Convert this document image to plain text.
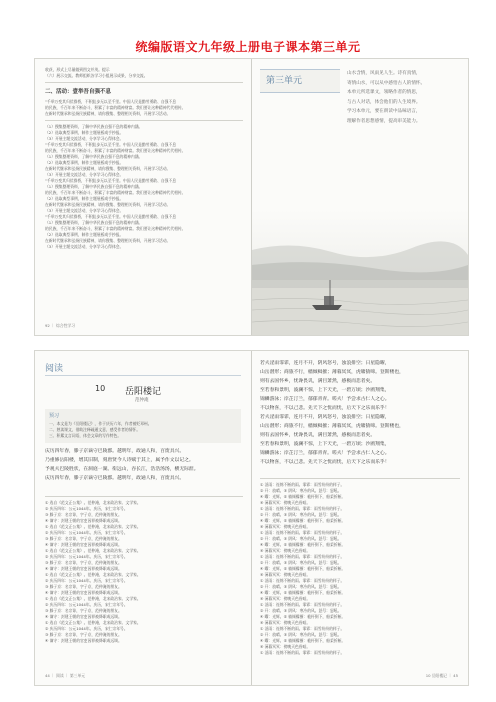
统编版语文九年级上册电子课本第三单元

收获，形式上尽量做到图文并茂。提示

（六）展示交流。教师组织各学习小组展示成果，分享交流。

二、活动：壹举吾自强不息

“千举万变其归伏群桥，不积跬步无以至千里。中国人民是勤劳勇敢、自强不息

的民族，千百年来不断奋斗，积累了丰富的精神财富。我们要让这种精神代代相传。

在新时代继承和弘扬民族精神，请你搜集、整理相关资料，开展学习活动。

（1）搜集整理资料，了解中华民族自强不息的精神内涵。

（2）选取典型事例，制作主题展板或手抄报。

（3）开展主题交流活动，分享学习心得体会。

“千举万变其归伏群桥，不积跬步无以至千里。中国人民是勤劳勇敢、自强不息

的民族，千百年来不断奋斗，积累了丰富的精神财富。我们要让这种精神代代相传。

（1）搜集整理资料，了解中华民族自强不息的精神内涵。

（2）选取典型事例，制作主题展板或手抄报。

在新时代继承和弘扬民族精神，请你搜集、整理相关资料，开展学习活动。

（3）开展主题交流活动，分享学习心得体会。

“千举万变其归伏群桥，不积跬步无以至千里。中国人民是勤劳勇敢、自强不息

（1）搜集整理资料，了解中华民族自强不息的精神内涵。

的民族，千百年来不断奋斗，积累了丰富的精神财富。我们要让这种精神代代相传。

（2）选取典型事例，制作主题展板或手抄报。

在新时代继承和弘扬民族精神，请你搜集、整理相关资料，开展学习活动。

（3）开展主题交流活动，分享学习心得体会。

“千举万变其归伏群桥，不积跬步无以至千里。中国人民是勤劳勇敢、自强不息

（1）搜集整理资料，了解中华民族自强不息的精神内涵。

的民族，千百年来不断奋斗，积累了丰富的精神财富。我们要让这种精神代代相传。

（2）选取典型事例，制作主题展板或手抄报。

在新时代继承和弘扬民族精神，请你搜集、整理相关资料，开展学习活动。

（3）开展主题交流活动，分享学习心得体会。

92 ｜ 综合性学习
第三单元

山水含情，风雨见人生。诗有真情，

寄情山水，可以从中感悟古人的情怀。

本单元所选课文，领略作者的情思，

与古人对话，体会他们的人生境界。

学习本单元，要在朗读中品味语言，

理解作者思想感情，提高审美能力。

阅读
10 岳阳楼记
范仲淹
预习

一、本文是为《岳阳楼记》，作于庆历六年，作者被贬邓州。

二、熟读课文，借助注释疏通文意，感受作者的情怀。

三、积累文言词语，体会文章的写作特色。

庆历四年春，滕子京谪守巴陵郡。越明年，政通人和，百废具兴。

乃重修岳阳楼，增其旧制，刻唐贤今人诗赋于其上，属予作文以记之。

予观夫巴陵胜状，在洞庭一湖。衔远山，吞长江，浩浩汤汤，横无际涯。

庆历四年春，滕子京谪守巴陵郡。越明年，政通人和，百废具兴。

① 选自《范文正公集》。范仲淹，北宋政治家、文学家。

② 庆历四年：公元1044年。庆历，宋仁宗年号。

③ 滕子京：名宗谅，字子京，范仲淹的朋友。

④ 谪守：封建王朝的官吏因罪被降职或远调。

① 选自《范文正公集》。范仲淹，北宋政治家、文学家。

② 庆历四年：公元1044年。庆历，宋仁宗年号。

③ 滕子京：名宗谅，字子京，范仲淹的朋友。

④ 谪守：封建王朝的官吏因罪被降职或远调。

① 选自《范文正公集》。范仲淹，北宋政治家、文学家。

② 庆历四年：公元1044年。庆历，宋仁宗年号。

③ 滕子京：名宗谅，字子京，范仲淹的朋友。

④ 谪守：封建王朝的官吏因罪被降职或远调。

① 选自《范文正公集》。范仲淹，北宋政治家、文学家。

② 庆历四年：公元1044年。庆历，宋仁宗年号。

③ 滕子京：名宗谅，字子京，范仲淹的朋友。

④ 谪守：封建王朝的官吏因罪被降职或远调。

① 选自《范文正公集》。范仲淹，北宋政治家、文学家。

② 庆历四年：公元1044年。庆历，宋仁宗年号。

③ 滕子京：名宗谅，字子京，范仲淹的朋友。

④ 谪守：封建王朝的官吏因罪被降职或远调。

① 选自《范文正公集》。范仲淹，北宋政治家、文学家。

② 庆历四年：公元1044年。庆历，宋仁宗年号。

③ 滕子京：名宗谅，字子京，范仲淹的朋友。

④ 谪守：封建王朝的官吏因罪被降职或远调。

44 ｜ 阅读 ｜ 第三单元

若夫淫雨霏霏，连月不开，阴风怒号，浊浪排空；日星隐曜，

山岳潜形；商旅不行，樯倾楫摧；薄暮冥冥，虎啸猿啼。登斯楼也，

则有去国怀乡，忧谗畏讥，满目萧然，感极而悲者矣。

至若春和景明，波澜不惊，上下天光，一碧万顷；沙鸥翔集，

锦鳞游泳；岸芷汀兰，郁郁青青。嗟夫！予尝求古仁人之心。

不以物喜，不以己悲。先天下之忧而忧，后天下之乐而乐乎！

若夫淫雨霏霏，连月不开，阴风怒号，浊浪排空；日星隐曜，

山岳潜形；商旅不行，樯倾楫摧；薄暮冥冥，虎啸猿啼。登斯楼也，

则有去国怀乡，忧谗畏讥，满目萧然，感极而悲者矣。

至若春和景明，波澜不惊，上下天光，一碧万顷；沙鸥翔集，

锦鳞游泳；岸芷汀兰，郁郁青青。嗟夫！予尝求古仁人之心。

不以物喜，不以己悲。先天下之忧而忧，后天下之乐而乐乎！

① 淫雨：连绵不断的雨。霏霏：雨雪纷纷的样子。

② 开：放晴。③ 阴风：寒冷的风。怒号：怒吼。

④ 曜：光辉。⑤ 樯倾楫摧：桅杆倒下，船桨折断。

⑥ 薄暮冥冥：傍晚天色昏暗。

① 淫雨：连绵不断的雨。霏霏：雨雪纷纷的样子。

② 开：放晴。③ 阴风：寒冷的风。怒号：怒吼。

④ 曜：光辉。⑤ 樯倾楫摧：桅杆倒下，船桨折断。

⑥ 薄暮冥冥：傍晚天色昏暗。

① 淫雨：连绵不断的雨。霏霏：雨雪纷纷的样子。

② 开：放晴。③ 阴风：寒冷的风。怒号：怒吼。

④ 曜：光辉。⑤ 樯倾楫摧：桅杆倒下，船桨折断。

⑥ 薄暮冥冥：傍晚天色昏暗。

① 淫雨：连绵不断的雨。霏霏：雨雪纷纷的样子。

② 开：放晴。③ 阴风：寒冷的风。怒号：怒吼。

④ 曜：光辉。⑤ 樯倾楫摧：桅杆倒下，船桨折断。

⑥ 薄暮冥冥：傍晚天色昏暗。

① 淫雨：连绵不断的雨。霏霏：雨雪纷纷的样子。

② 开：放晴。③ 阴风：寒冷的风。怒号：怒吼。

④ 曜：光辉。⑤ 樯倾楫摧：桅杆倒下，船桨折断。

⑥ 薄暮冥冥：傍晚天色昏暗。

① 淫雨：连绵不断的雨。霏霏：雨雪纷纷的样子。

② 开：放晴。③ 阴风：寒冷的风。怒号：怒吼。

④ 曜：光辉。⑤ 樯倾楫摧：桅杆倒下，船桨折断。

⑥ 薄暮冥冥：傍晚天色昏暗。

① 淫雨：连绵不断的雨。霏霏：雨雪纷纷的样子。

② 开：放晴。③ 阴风：寒冷的风。怒号：怒吼。

④ 曜：光辉。⑤ 樯倾楫摧：桅杆倒下，船桨折断。

⑥ 薄暮冥冥：傍晚天色昏暗。

① 淫雨：连绵不断的雨。霏霏：雨雪纷纷的样子。

10 岳阳楼记 ｜ 45
